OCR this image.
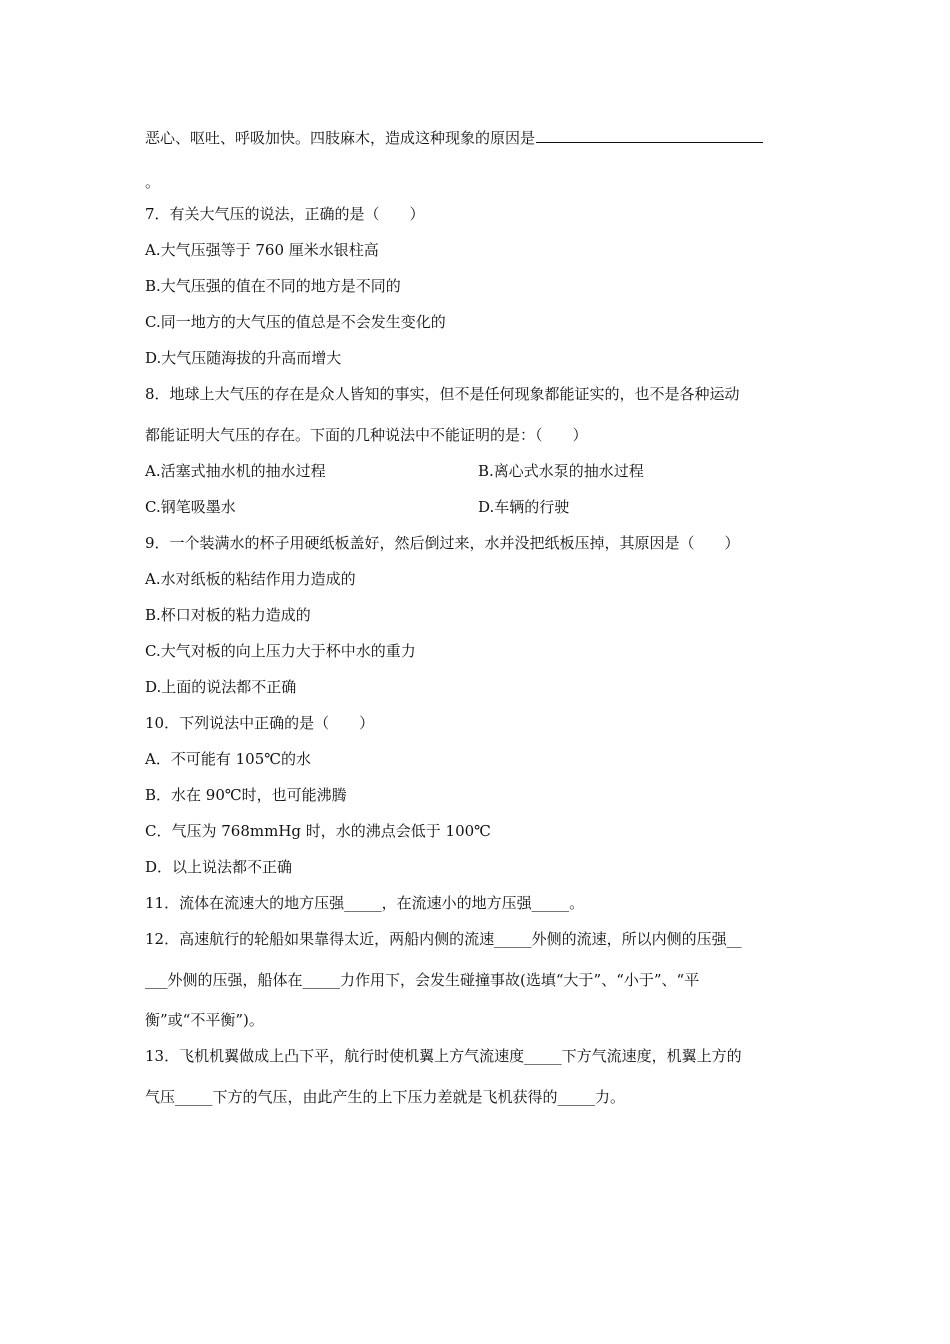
恶心、呕吐、呼吸加快。四肢麻木，造成这种现象的原因是
。
7．有关大气压的说法，正确的是（　　）
A.大气压强等于 760 厘米水银柱高
B.大气压强的值在不同的地方是不同的
C.同一地方的大气压的值总是不会发生变化的
D.大气压随海拔的升高而增大
8．地球上大气压的存在是众人皆知的事实，但不是任何现象都能证实的，也不是各种运动
都能证明大气压的存在。下面的几种说法中不能证明的是：（　　）
A.活塞式抽水机的抽水过程	B.离心式水泵的抽水过程
C.钢笔吸墨水	D.车辆的行驶
9．一个装满水的杯子用硬纸板盖好，然后倒过来，水并没把纸板压掉，其原因是（　　）
A.水对纸板的粘结作用力造成的
B.杯口对板的粘力造成的
C.大气对板的向上压力大于杯中水的重力
D.上面的说法都不正确
10．下列说法中正确的是（　　）
A．不可能有 105℃的水
B．水在 90℃时，也可能沸腾
C．气压为 768mmHg 时，水的沸点会低于 100℃
D．以上说法都不正确
11．流体在流速大的地方压强_____，在流速小的地方压强_____。
12．高速航行的轮船如果靠得太近，两船内侧的流速_____外侧的流速，所以内侧的压强__
___外侧的压强，船体在_____力作用下，会发生碰撞事故(选填“大于”、“小于”、“平
衡”或“不平衡”)。
13．飞机机翼做成上凸下平，航行时使机翼上方气流速度_____下方气流速度，机翼上方的
气压_____下方的气压，由此产生的上下压力差就是飞机获得的_____力。
